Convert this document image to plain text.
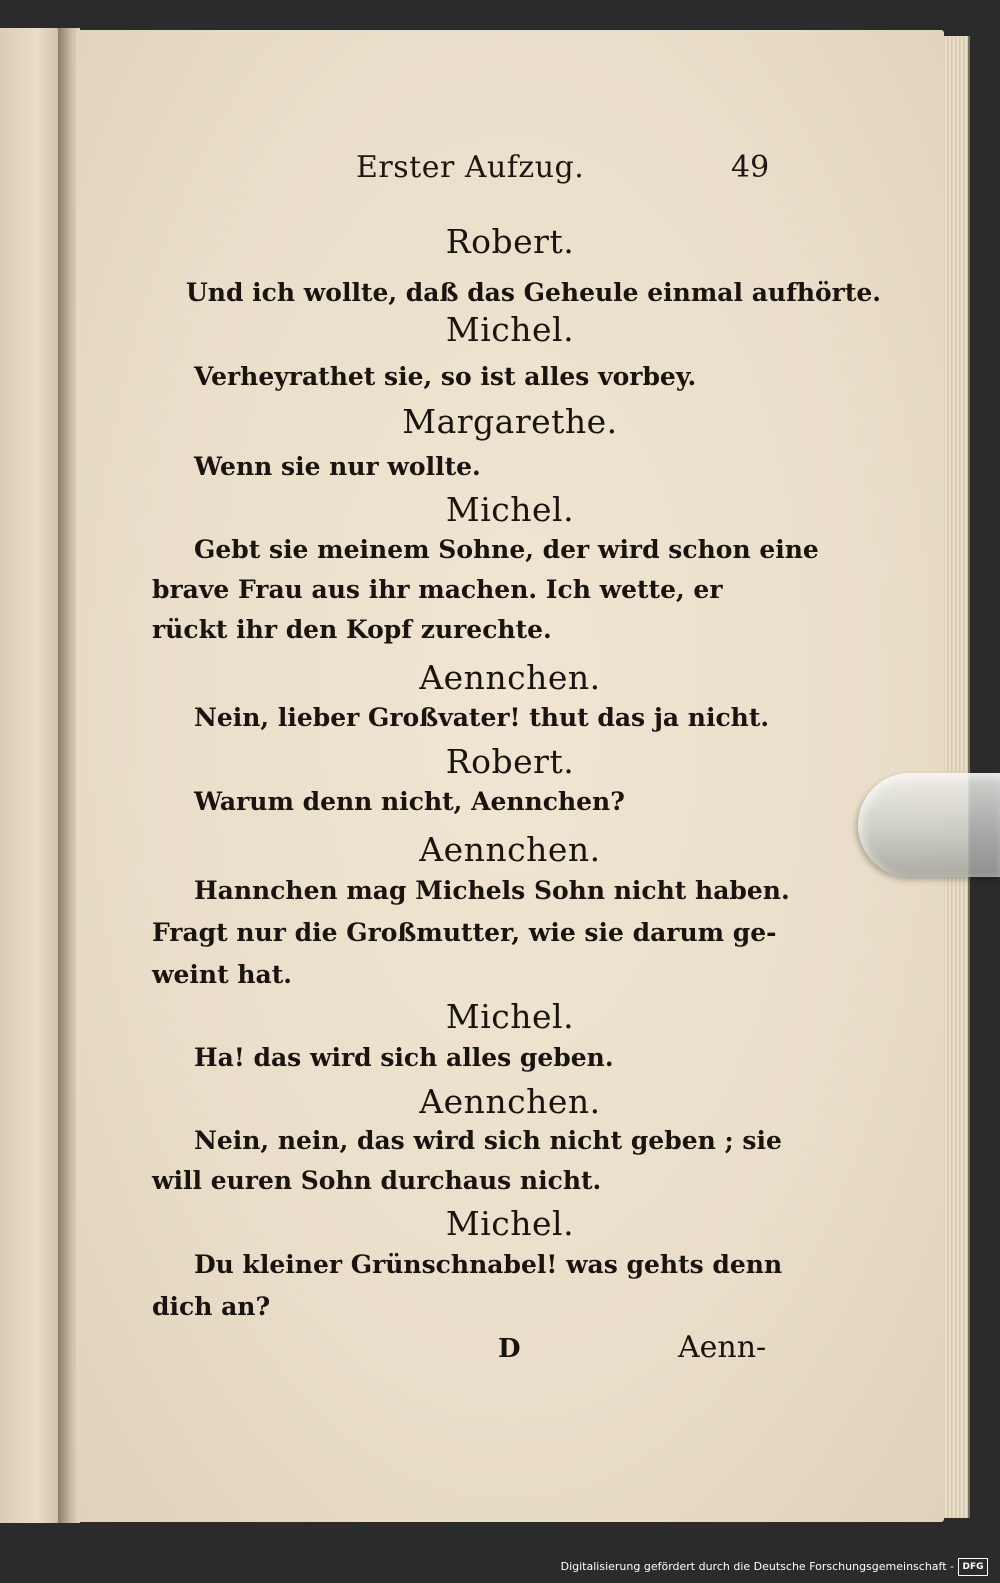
Erster Aufzug.	49
Robert.
Und ich wollte, daß das Geheule einmal aufhörte.
Michel.
Verheyrathet sie, so ist alles vorbey.
Margarethe.
Wenn sie nur wollte.
Michel.
Gebt sie meinem Sohne, der wird schon eine
brave Frau aus ihr machen. Ich wette, er
rückt ihr den Kopf zurechte.
Aennchen.
Nein, lieber Großvater! thut das ja nicht.
Robert.
Warum denn nicht, Aennchen?
Aennchen.
Hannchen mag Michels Sohn nicht haben.
Fragt nur die Großmutter, wie sie darum ge-
weint hat.
Michel.
Ha! das wird sich alles geben.
Aennchen.
Nein, nein, das wird sich nicht geben ; sie
will euren Sohn durchaus nicht.
Michel.
Du kleiner Grünschnabel! was gehts denn
dich an?
D	Aenn-
Digitalisierung gefördert durch die Deutsche Forschungsgemeinschaft - DFG
